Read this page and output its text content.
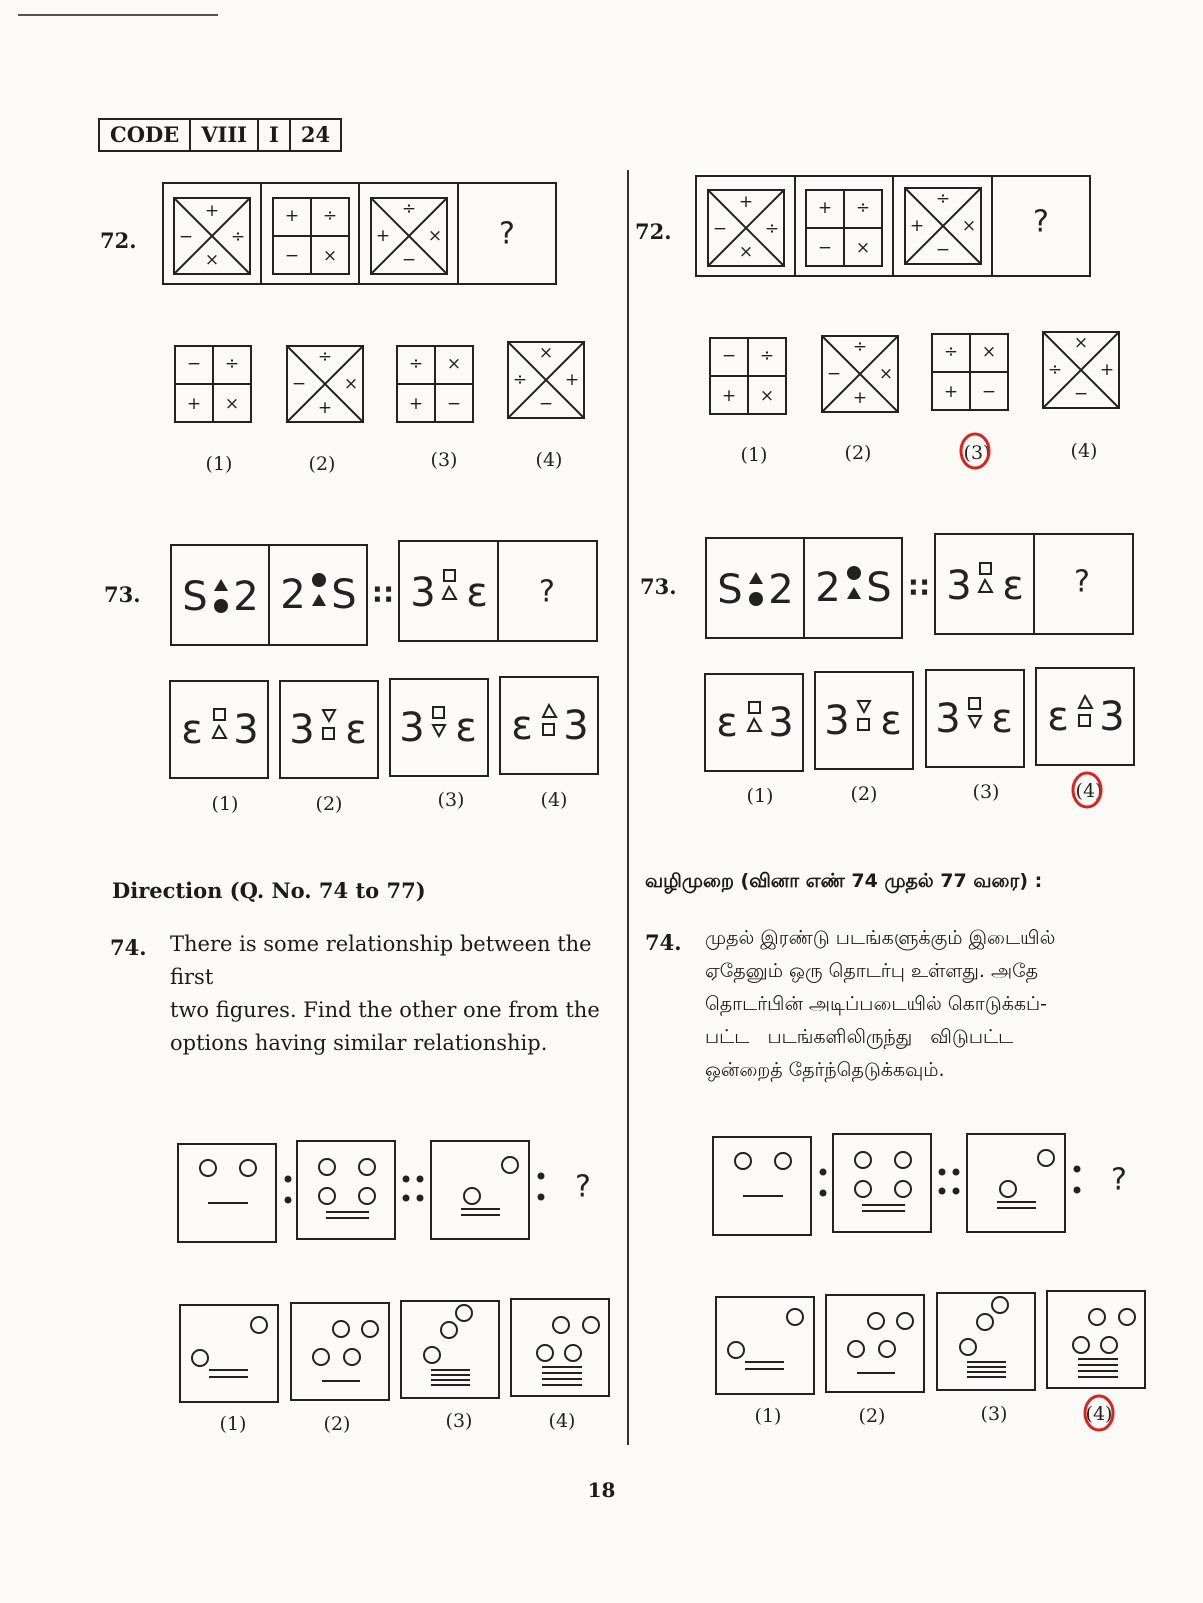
CODE	VIII	I	24
72.
+
− ÷
×
+ ÷
− ×
÷
+ ×
−
?
− ÷
+ ×
÷
− ×
+
÷ ×
+ −
×
÷ +
−
(1)	(2)	(3)	(4)
73. S 2 2 S 3 ε
::	?
ε 3 3 ε 3 ε ε 3
(1)	(2)	(3)	(4)
Direction (Q. No. 74 to 77)
74. There is some relationship between the first
two figures. Find the other one from the
options having similar relationship.
?
(1)	(2)	(3)	(4)
72.
+
− ÷
×
+ ÷
− ×
÷
+ ×
−
?
− ÷
+ ×
÷
− ×
+
÷ ×
+ −
×
÷ +
−
(1)	(2)	(3)	(4)
73. S 2 2 S 3 ε
::	?
ε 3 3 ε 3 ε ε 3
(1)	(2)	(3)	(4)
வழிமுறை (வினா எண் 74 முதல் 77 வரை) :
74. முதல் இரண்டு படங்களுக்கும் இடையில்
ஏதேனும் ஒரு தொடர்பு உள்ளது. அதே
தொடர்பின் அடிப்படையில் கொடுக்கப்-
பட்ட   படங்களிலிருந்து   விடுபட்ட
ஒன்றைத் தேர்ந்தெடுக்கவும்.
?
(1)	(2)	(3)	(4)
18
